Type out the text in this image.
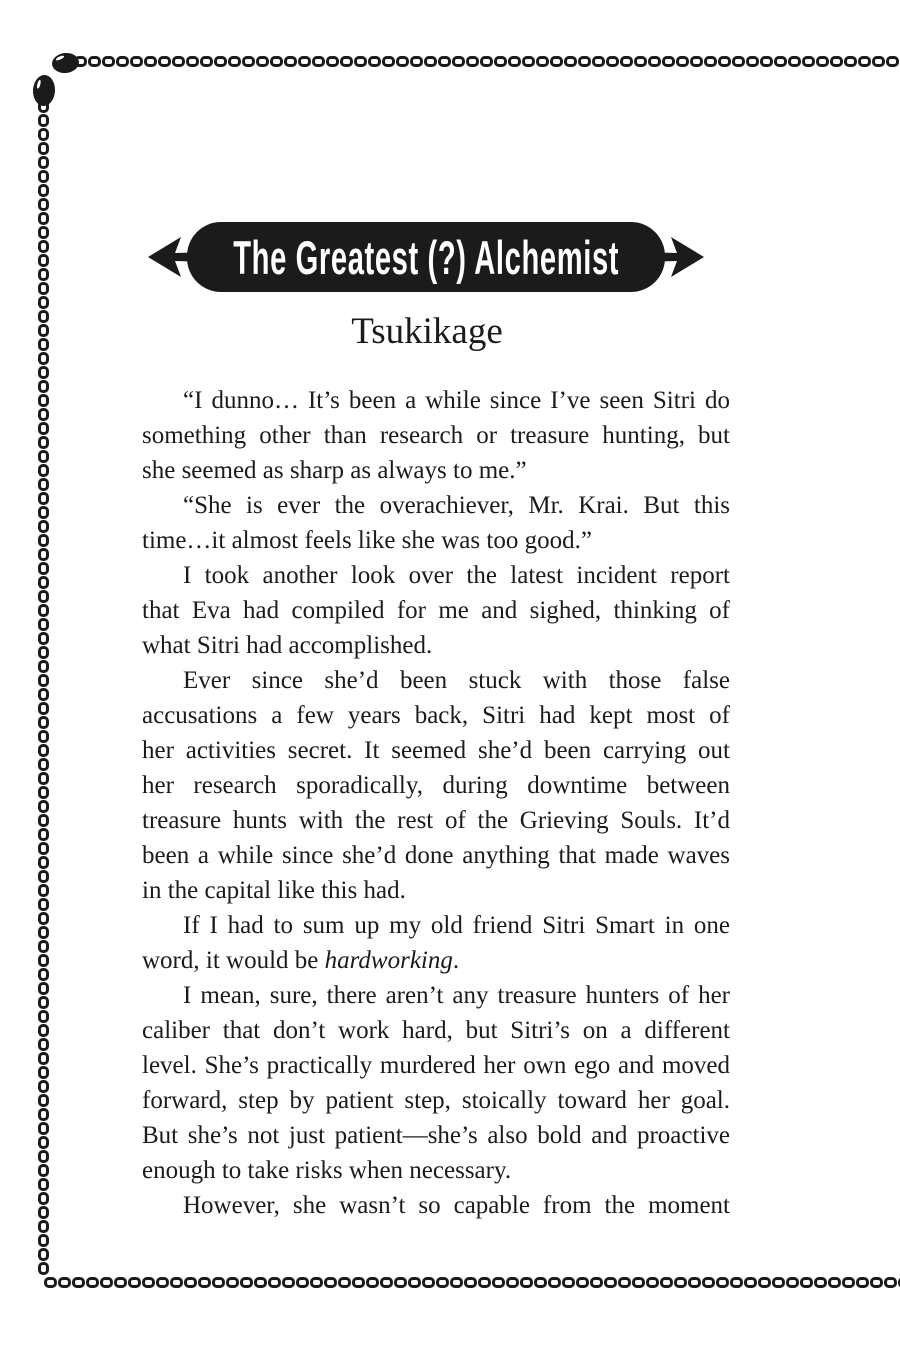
The Greatest (?) Alchemist
Tsukikage
“I dunno… It’s been a while since I’ve seen Sitri do
something other than research or treasure hunting, but
she seemed as sharp as always to me.”
“She is ever the overachiever, Mr. Krai. But this
time…it almost feels like she was too good.”
I took another look over the latest incident report
that Eva had compiled for me and sighed, thinking of
what Sitri had accomplished.
Ever since she’d been stuck with those false
accusations a few years back, Sitri had kept most of
her activities secret. It seemed she’d been carrying out
her research sporadically, during downtime between
treasure hunts with the rest of the Grieving Souls. It’d
been a while since she’d done anything that made waves
in the capital like this had.
If I had to sum up my old friend Sitri Smart in one
word, it would be hardworking.
I mean, sure, there aren’t any treasure hunters of her
caliber that don’t work hard, but Sitri’s on a different
level. She’s practically murdered her own ego and moved
forward, step by patient step, stoically toward her goal.
But she’s not just patient—she’s also bold and proactive
enough to take risks when necessary.
However, she wasn’t so capable from the moment
